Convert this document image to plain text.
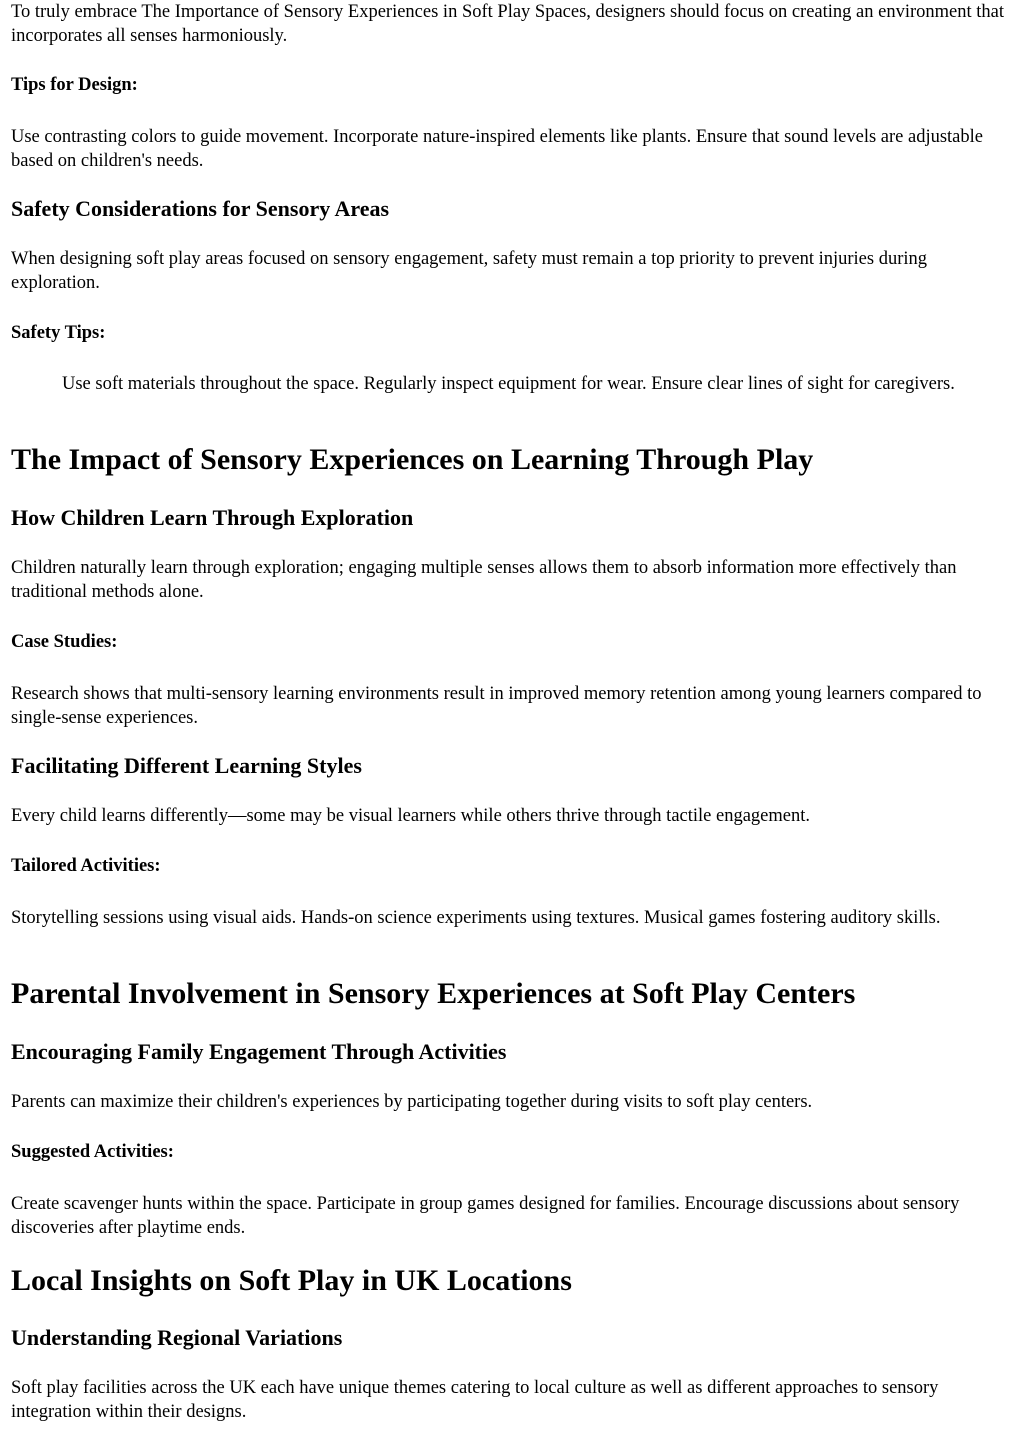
To truly embrace The Importance of Sensory Experiences in Soft Play Spaces, designers should focus on creating an environment that incorporates all senses harmoniously.

Tips for Design:

Use contrasting colors to guide movement. Incorporate nature-inspired elements like plants. Ensure that sound levels are adjustable based on children's needs.

Safety Considerations for Sensory Areas

When designing soft play areas focused on sensory engagement, safety must remain a top priority to prevent injuries during exploration.

Safety Tips:

Use soft materials throughout the space. Regularly inspect equipment for wear. Ensure clear lines of sight for caregivers.

The Impact of Sensory Experiences on Learning Through Play
How Children Learn Through Exploration

Children naturally learn through exploration; engaging multiple senses allows them to absorb information more effectively than traditional methods alone.

Case Studies:

Research shows that multi-sensory learning environments result in improved memory retention among young learners compared to single-sense experiences.

Facilitating Different Learning Styles

Every child learns differently—some may be visual learners while others thrive through tactile engagement.

Tailored Activities:

Storytelling sessions using visual aids. Hands-on science experiments using textures. Musical games fostering auditory skills.

Parental Involvement in Sensory Experiences at Soft Play Centers
Encouraging Family Engagement Through Activities

Parents can maximize their children's experiences by participating together during visits to soft play centers.

Suggested Activities:

Create scavenger hunts within the space. Participate in group games designed for families. Encourage discussions about sensory discoveries after playtime ends.

Local Insights on Soft Play in UK Locations
Understanding Regional Variations

Soft play facilities across the UK each have unique themes catering to local culture as well as different approaches to sensory integration within their designs.
